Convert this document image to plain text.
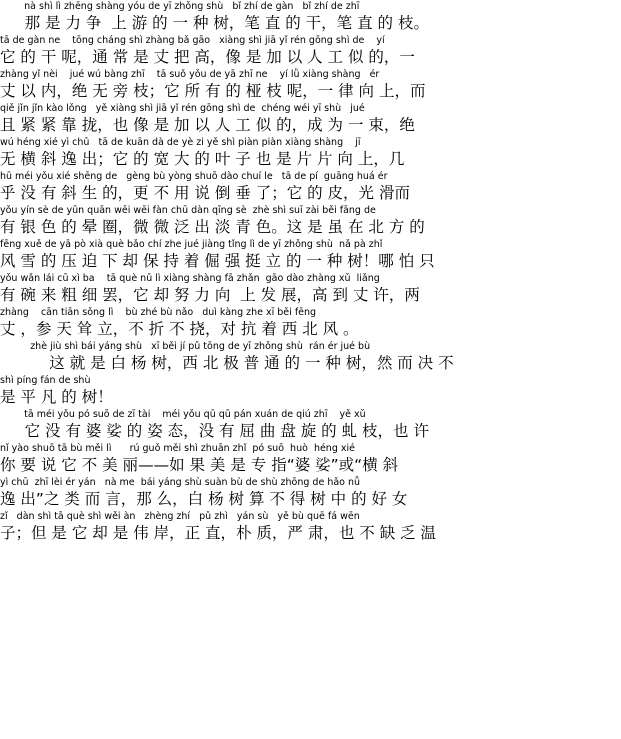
nà shì lì zhēng shàng yóu de yī zhǒng shù   bǐ zhí de gàn   bǐ zhí de zhī
那 是 力 争  上 游 的 一 种 树，笔 直 的 干，笔 直 的 枝。
tā de gàn ne    tōng cháng shì zhàng bǎ gāo   xiàng shì jiā yǐ rén gōng shì de    yí
它 的 干 呢，通 常 是 丈 把 高，像 是 加 以 人 工 似 的，一
zhàng yǐ nèi    jué wú bàng zhī    tā suǒ yǒu de yā zhī ne    yí lǜ xiàng shàng   ér
丈 以 内，绝 无 旁 枝；它 所 有 的 桠 枝 呢，一 律 向 上，而
qiě jǐn jǐn kào lǒng   yě xiàng shì jiā yǐ rén gōng shì de  chéng wéi yī shù   jué
且 紧 紧 靠 拢，也 像 是 加 以 人 工 似 的，成 为 一 束，绝
wú héng xié yì chū   tā de kuān dà de yè zi yě shì piàn piàn xiàng shàng    jī
无 横 斜 逸 出；它 的 宽 大 的 叶 子 也 是 片 片 向 上，几
hū méi yǒu xié shēng de   gèng bù yòng shuō dào chuí le   tā de pí  guāng huá ér
乎 没 有 斜 生 的，更 不 用 说 倒 垂 了；它 的 皮，光 滑而
yǒu yín sè de yūn quān wēi wēi fàn chū dàn qīng sè  zhè shì suī zài běi fāng de
有 银 色 的 晕 圈，微 微 泛 出 淡 青 色。这 是 虽 在 北 方 的
fēng xuě de yā pò xià què bǎo chí zhe jué jiàng tǐng lì de yī zhǒng shù  nǎ pà zhǐ
风 雪 的 压 迫 下 却 保 持 着 倔 强 挺 立 的 一 种 树！哪 怕 只
yǒu wǎn lái cū xì ba    tā què nǔ lì xiàng shàng fā zhǎn  gāo dào zhàng xǔ  liǎng
有 碗 来 粗 细 罢，它 却 努 力 向  上 发 展，高 到 丈 许，两
zhàng    cān tiān sǒng lì    bù zhé bù nǎo   duì kàng zhe xī běi fēng
丈 ，参 天 耸 立，不 折 不 挠，对 抗 着 西 北 风 。
zhè jiù shì bái yáng shù   xī běi jí pǔ tōng de yī zhǒng shù  rán ér jué bù
这 就 是 白 杨 树，西 北 极 普 通 的 一 种 树，然 而 决 不
shì píng fán de shù
是 平 凡 的 树！
tā méi yǒu pó suō de zī tài    méi yǒu qū qū pán xuán de qiú zhī    yě xǔ
它 没 有 婆 娑 的 姿 态，没 有 屈 曲 盘 旋 的 虬 枝，也 许
nǐ yào shuō tā bù měi lì      rú guǒ měi shì zhuān zhǐ  pó suō  huò  héng xié
你 要 说 它 不 美 丽——如 果 美 是 专 指“婆 娑”或“横 斜
yì chū  zhī lèi ér yán   nà me  bái yáng shù suàn bù de shù zhōng de hǎo nǚ
逸 出”之 类 而 言，那 么，白 杨 树 算 不 得 树 中 的 好 女
zǐ   dàn shì tā què shì wěi àn   zhèng zhí   pǔ zhì   yán sù   yě bù quē fá wēn
子；但 是 它 却 是 伟 岸，正 直，朴 质，严 肃，也 不 缺 乏 温
